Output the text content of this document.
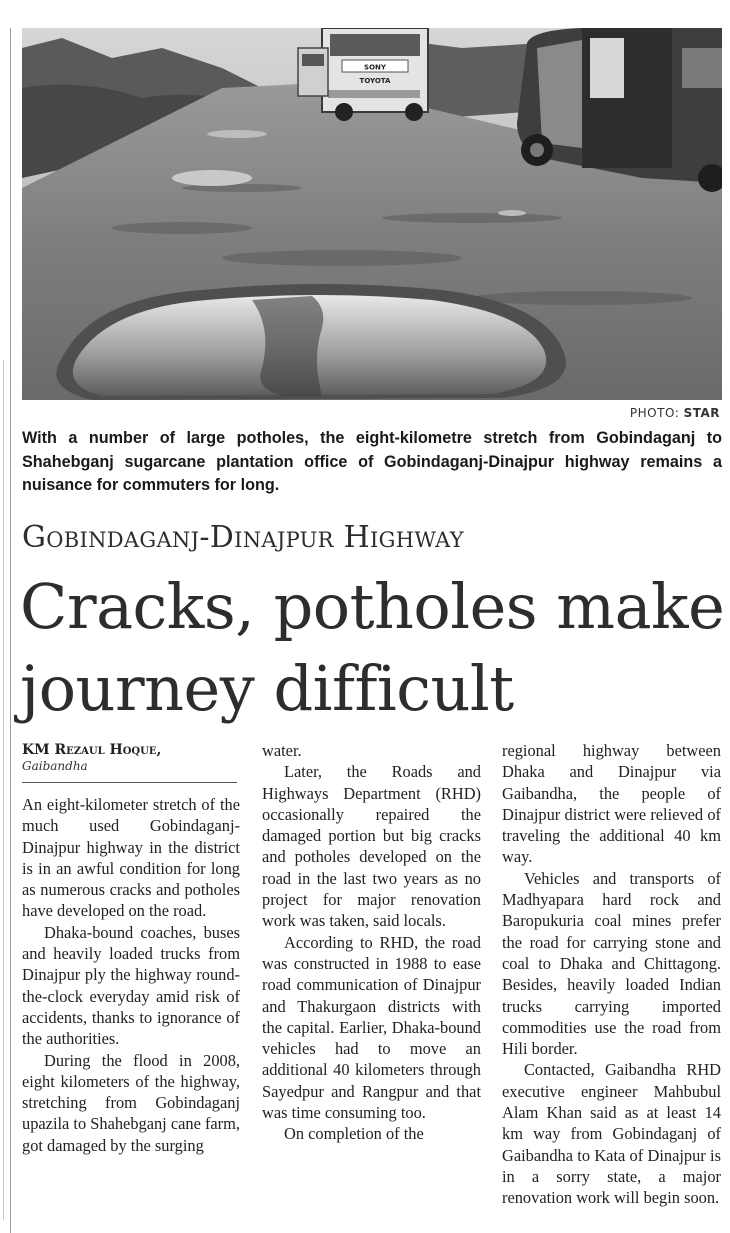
SONY
TOYOTA
PHOTO: STAR
With a number of large potholes, the eight-kilometre stretch from Gobindaganj to Shahebganj sugarcane plantation office of Gobindaganj-Dinajpur highway remains a nuisance for commuters for long.
Gobindaganj-Dinajpur Highway
Cracks, potholes make journey difficult
KM Rezaul Hoque,
Gaibandha

An eight-kilometer stretch of the much used Gobindaganj-Dinajpur highway in the district is in an awful condition for long as numerous cracks and potholes have developed on the road.

Dhaka-bound coaches, buses and heavily loaded trucks from Dinajpur ply the highway round-the-clock everyday amid risk of accidents, thanks to ignorance of the authorities.

During the flood in 2008, eight kilometers of the highway, stretching from Gobindaganj upazila to Shahebganj cane farm, got damaged by the surging

water.

Later, the Roads and Highways Department (RHD) occasionally repaired the damaged portion but big cracks and potholes developed on the road in the last two years as no project for major renovation work was taken, said locals.

According to RHD, the road was constructed in 1988 to ease road communication of Dinajpur and Thakurgaon districts with the capital. Earlier, Dhaka-bound vehicles had to move an additional 40 kilometers through Sayedpur and Rangpur and that was time consuming too.

On completion of the

regional highway between Dhaka and Dinajpur via Gaibandha, the people of Dinajpur district were relieved of traveling the additional 40 km way.

Vehicles and transports of Madhyapara hard rock and Baropukuria coal mines prefer the road for carrying stone and coal to Dhaka and Chittagong. Besides, heavily loaded Indian trucks carrying imported commodities use the road from Hili border.

Contacted, Gaibandha RHD executive engineer Mahbubul Alam Khan said as at least 14 km way from Gobindaganj of Gaibandha to Kata of Dinajpur is in a sorry state, a major renovation work will begin soon.
